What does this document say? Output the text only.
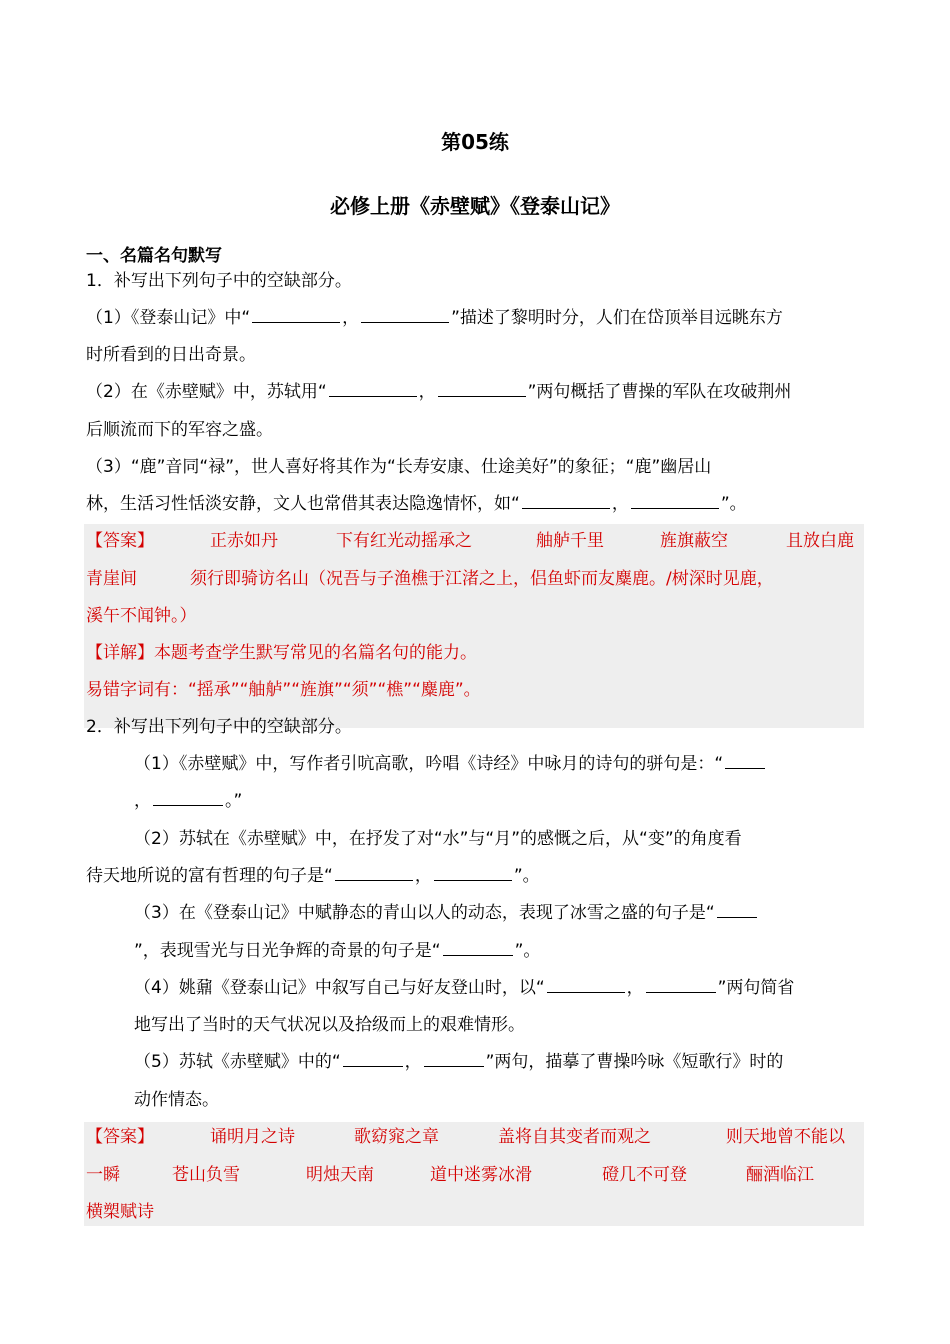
第05练
必修上册《赤壁赋》《登泰山记》
一、名篇名句默写
1．补写出下列句子中的空缺部分。
（1）《登泰山记》中“	，	”描述了黎明时分，人们在岱顶举目远眺东方
时所看到的日出奇景。
（2）在《赤壁赋》中，苏轼用“	，	”两句概括了曹操的军队在攻破荆州
后顺流而下的军容之盛。
（3）“鹿”音同“禄”，世人喜好将其作为“长寿安康、仕途美好”的象征；“鹿”幽居山
林，生活习性恬淡安静，文人也常借其表达隐逸情怀，如“	，	”。
【答案】	正赤如丹	下有红光动摇承之	舳舻千里	旌旗蔽空	且放白鹿
青崖间	须行即骑访名山（况吾与子渔樵于江渚之上，侣鱼虾而友麋鹿。/树深时见鹿，
溪午不闻钟。）
【详解】本题考查学生默写常见的名篇名句的能力。
易错字词有：“摇承”“舳舻”“旌旗”“须”“樵”“麋鹿”。
2．补写出下列句子中的空缺部分。
（1）《赤壁赋》中，写作者引吭高歌，吟唱《诗经》中咏月的诗句的骈句是：“
，	。”
（2）苏轼在《赤壁赋》中，在抒发了对“水”与“月”的感慨之后，从“变”的角度看
待天地所说的富有哲理的句子是“	，	”。
（3）在《登泰山记》中赋静态的青山以人的动态，表现了冰雪之盛的句子是“
”，表现雪光与日光争辉的奇景的句子是“	”。
（4）姚鼐《登泰山记》中叙写自己与好友登山时，以“	，	”两句简省
地写出了当时的天气状况以及拾级而上的艰难情形。
（5）苏轼《赤壁赋》中的“	，	”两句，描摹了曹操吟咏《短歌行》时的
动作情态。
【答案】	诵明月之诗	歌窈窕之章	盖将自其变者而观之	则天地曾不能以
一瞬	苍山负雪	明烛天南	道中迷雾冰滑	磴几不可登	酾酒临江
横槊赋诗
